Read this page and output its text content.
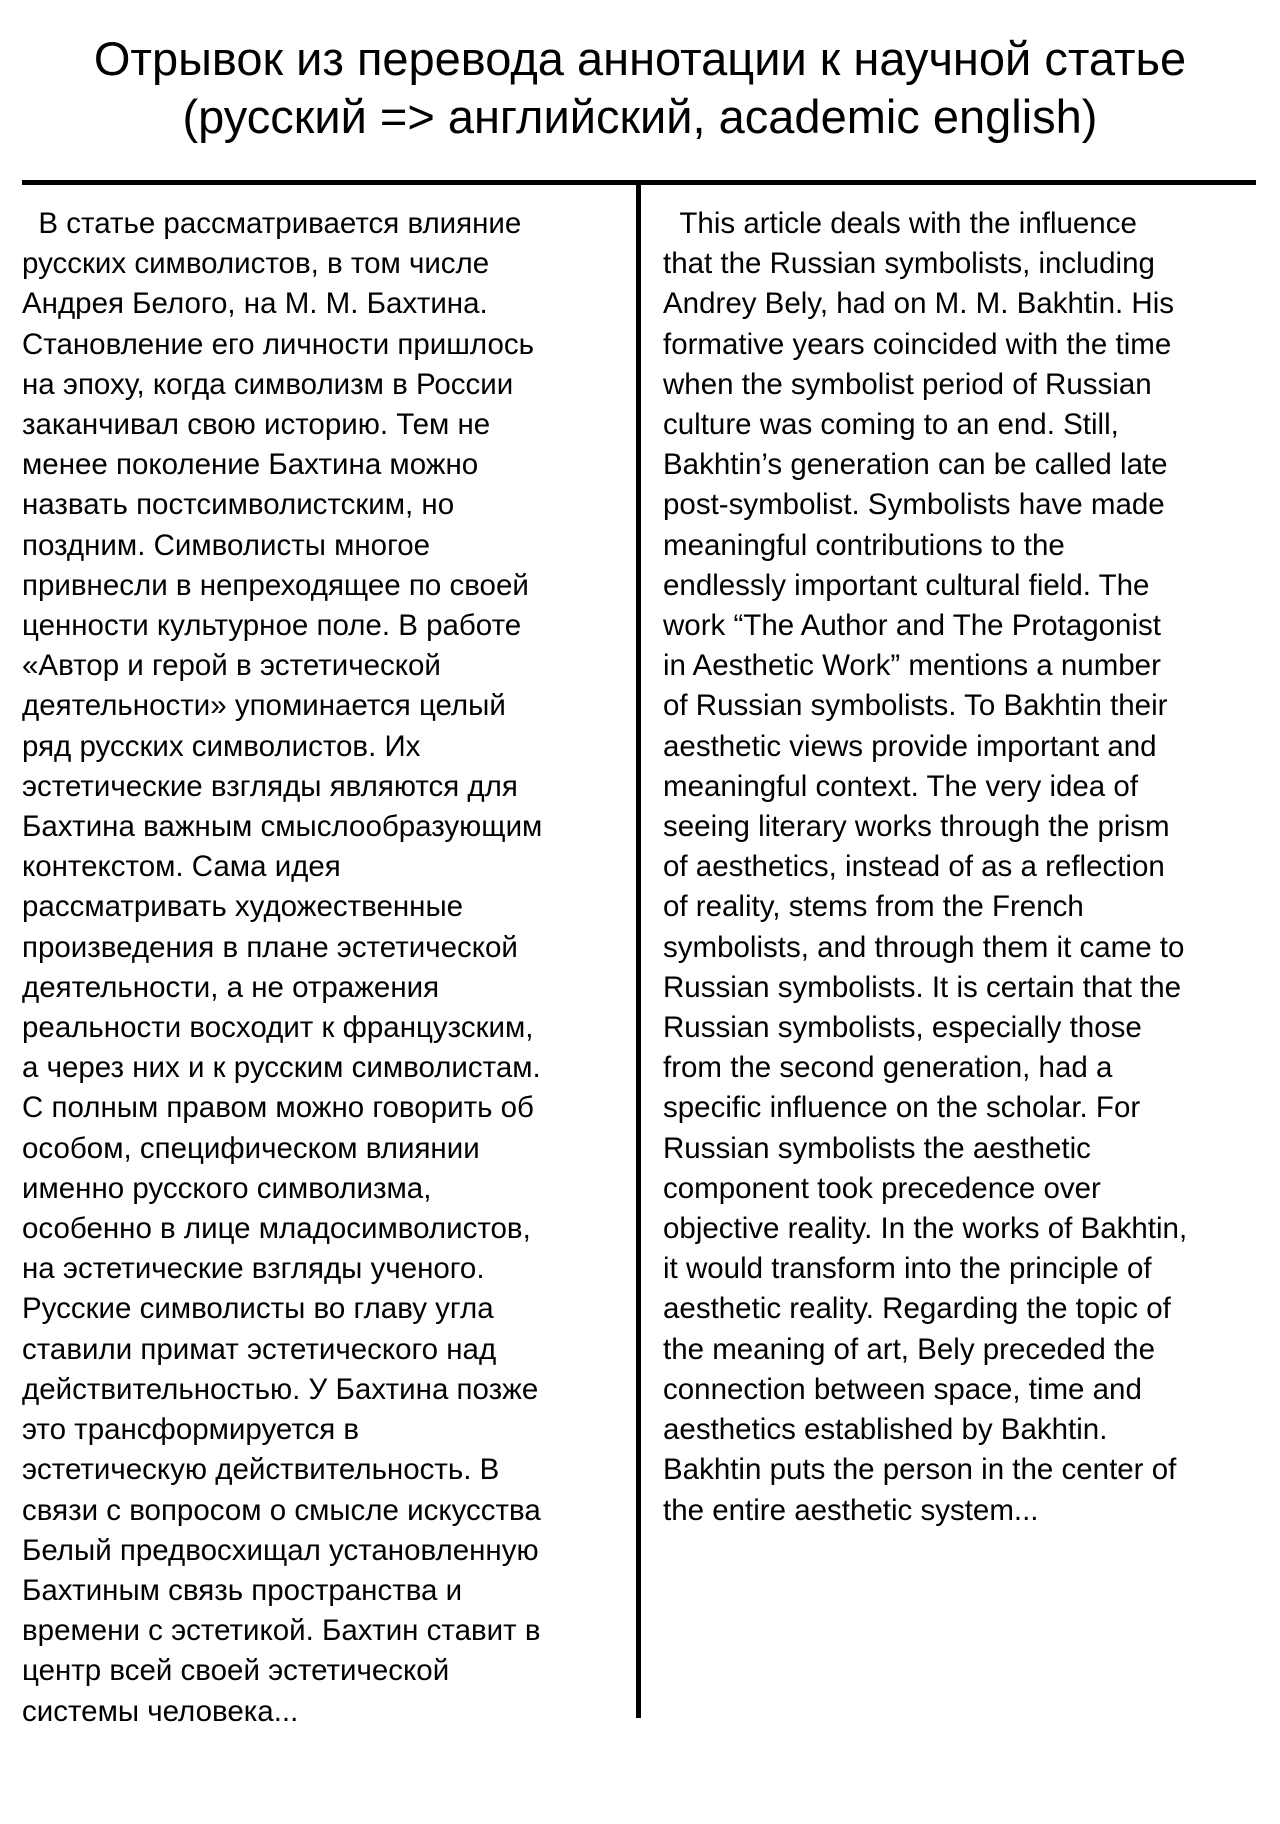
Отрывок из перевода аннотации к научной статье
(русский => английский, academic english)
В статье рассматривается влияние
русских символистов, в том числе
Андрея Белого, на М. М. Бахтина.
Становление его личности пришлось
на эпоху, когда символизм в России
заканчивал свою историю. Тем не
менее поколение Бахтина можно
назвать постсимволистским, но
поздним. Символисты многое
привнесли в непреходящее по своей
ценности культурное поле. В работе
«Автор и герой в эстетической
деятельности» упоминается целый
ряд русских символистов. Их
эстетические взгляды являются для
Бахтина важным смыслообразующим
контекстом. Сама идея
рассматривать художественные
произведения в плане эстетической
деятельности, а не отражения
реальности восходит к французским,
а через них и к русским символистам.
С полным правом можно говорить об
особом, специфическом влиянии
именно русского символизма,
особенно в лице младосимволистов,
на эстетические взгляды ученого.
Русские символисты во главу угла
ставили примат эстетического над
действительностью. У Бахтина позже
это трансформируется в
эстетическую действительность. В
связи с вопросом о смысле искусства
Белый предвосхищал установленную
Бахтиным связь пространства и
времени с эстетикой. Бахтин ставит в
центр всей своей эстетической
системы человека...
This article deals with the influence
that the Russian symbolists, including
Andrey Bely, had on M. M. Bakhtin. His
formative years coincided with the time
when the symbolist period of Russian
culture was coming to an end. Still,
Bakhtin’s generation can be called late
post-symbolist. Symbolists have made
meaningful contributions to the
endlessly important cultural field. The
work “The Author and The Protagonist
in Aesthetic Work” mentions a number
of Russian symbolists. To Bakhtin their
aesthetic views provide important and
meaningful context. The very idea of
seeing literary works through the prism
of aesthetics, instead of as a reflection
of reality, stems from the French
symbolists, and through them it came to
Russian symbolists. It is certain that the
Russian symbolists, especially those
from the second generation, had a
specific influence on the scholar. For
Russian symbolists the aesthetic
component took precedence over
objective reality. In the works of Bakhtin,
it would transform into the principle of
aesthetic reality. Regarding the topic of
the meaning of art, Bely preceded the
connection between space, time and
aesthetics established by Bakhtin.
Bakhtin puts the person in the center of
the entire aesthetic system...
